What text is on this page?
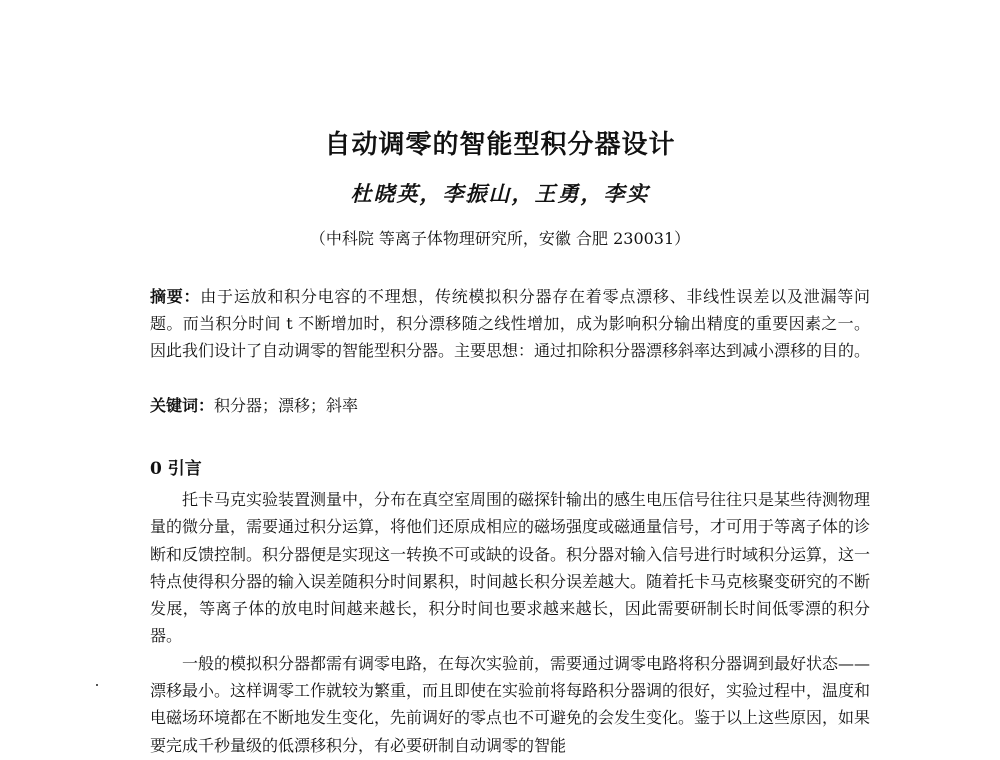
自动调零的智能型积分器设计
杜晓英，李振山，王勇，李实
（中科院 等离子体物理研究所，安徽 合肥 230031）

摘要：由于运放和积分电容的不理想，传统模拟积分器存在着零点漂移、非线性误差以及泄漏等问题。而当积分时间 t 不断增加时，积分漂移随之线性增加，成为影响积分输出精度的重要因素之一。因此我们设计了自动调零的智能型积分器。主要思想：通过扣除积分器漂移斜率达到减小漂移的目的。

关键词：积分器；漂移；斜率

0 引言

托卡马克实验装置测量中，分布在真空室周围的磁探针输出的感生电压信号往往只是某些待测物理量的微分量，需要通过积分运算，将他们还原成相应的磁场强度或磁通量信号，才可用于等离子体的诊断和反馈控制。积分器便是实现这一转换不可或缺的设备。积分器对输入信号进行时域积分运算，这一特点使得积分器的输入误差随积分时间累积，时间越长积分误差越大。随着托卡马克核聚变研究的不断发展，等离子体的放电时间越来越长，积分时间也要求越来越长，因此需要研制长时间低零漂的积分器。

一般的模拟积分器都需有调零电路，在每次实验前，需要通过调零电路将积分器调到最好状态——漂移最小。这样调零工作就较为繁重，而且即使在实验前将每路积分器调的很好，实验过程中，温度和电磁场环境都在不断地发生变化，先前调好的零点也不可避免的会发生变化。鉴于以上这些原因，如果要完成千秒量级的低漂移积分，有必要研制自动调零的智能
